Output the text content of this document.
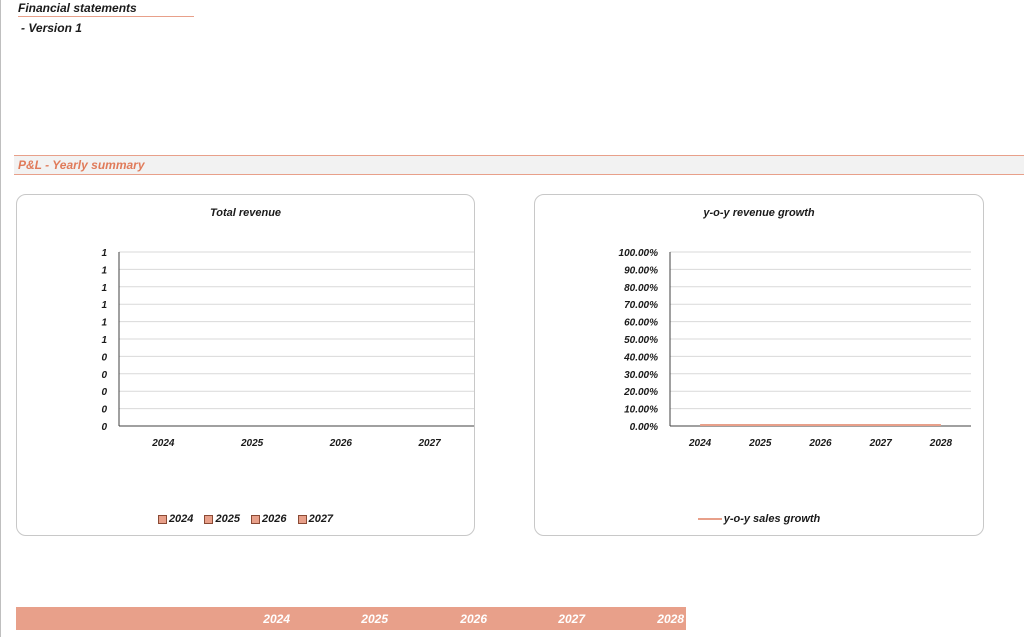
Financial statements
- Version 1
P&L - Yearly summary
Total revenue
1
1
1
1
1
1
0
0
0
0
0
2024	2025	2026	2027
2024 2025 2026 2027
y-o-y revenue growth
100.00%
90.00%
80.00%
70.00%
60.00%
50.00%
40.00%
30.00%
20.00%
10.00%
0.00%
2024	2025	2026	2027	2028
y-o-y sales growth
2024	2025	2026	2027	2028
